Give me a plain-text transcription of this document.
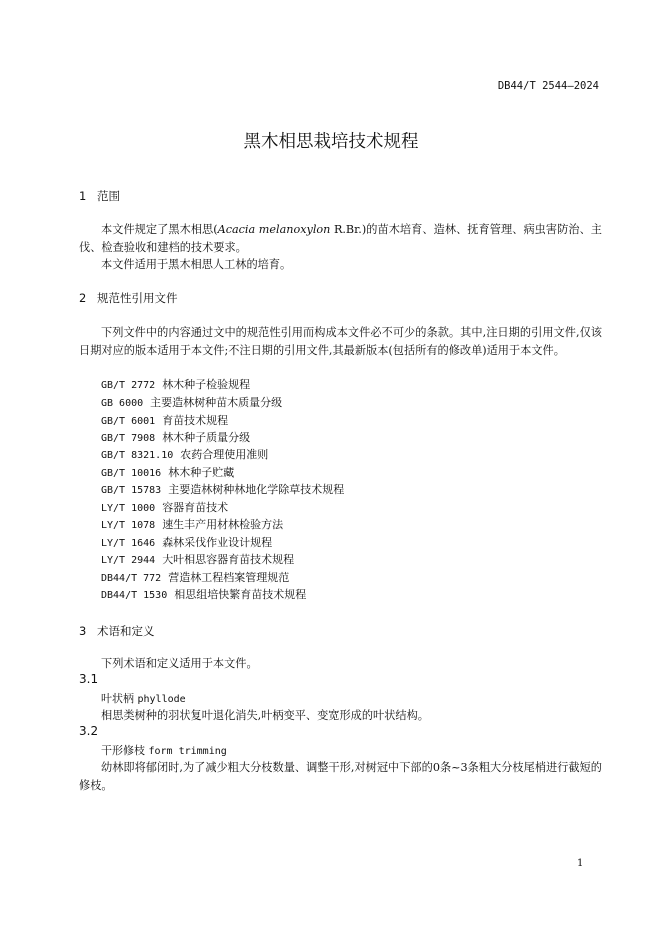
DB44/T 2544—2024
黑木相思栽培技术规程
1 范围
本文件规定了黑木相思(Acacia melanoxylon R.Br.)的苗木培育、造林、抚育管理、病虫害防治、主伐、检查验收和建档的技术要求。
本文件适用于黑木相思人工林的培育。
2 规范性引用文件
下列文件中的内容通过文中的规范性引用而构成本文件必不可少的条款。其中,注日期的引用文件,仅该日期对应的版本适用于本文件;不注日期的引用文件,其最新版本(包括所有的修改单)适用于本文件。
GB/T 2772 林木种子检验规程
GB 6000 主要造林树种苗木质量分级
GB/T 6001 育苗技术规程
GB/T 7908 林木种子质量分级
GB/T 8321.10 农药合理使用准则
GB/T 10016 林木种子贮藏
GB/T 15783 主要造林树种林地化学除草技术规程
LY/T 1000 容器育苗技术
LY/T 1078 速生丰产用材林检验方法
LY/T 1646 森林采伐作业设计规程
LY/T 2944 大叶相思容器育苗技术规程
DB44/T 772 营造林工程档案管理规范
DB44/T 1530 相思组培快繁育苗技术规程
3 术语和定义
下列术语和定义适用于本文件。
3.1
叶状柄 phyllode
相思类树种的羽状复叶退化消失,叶柄变平、变宽形成的叶状结构。
3.2
干形修枝 form trimming
幼林即将郁闭时,为了减少粗大分枝数量、调整干形,对树冠中下部的0条~3条粗大分枝尾梢进行截短的修枝。
1
